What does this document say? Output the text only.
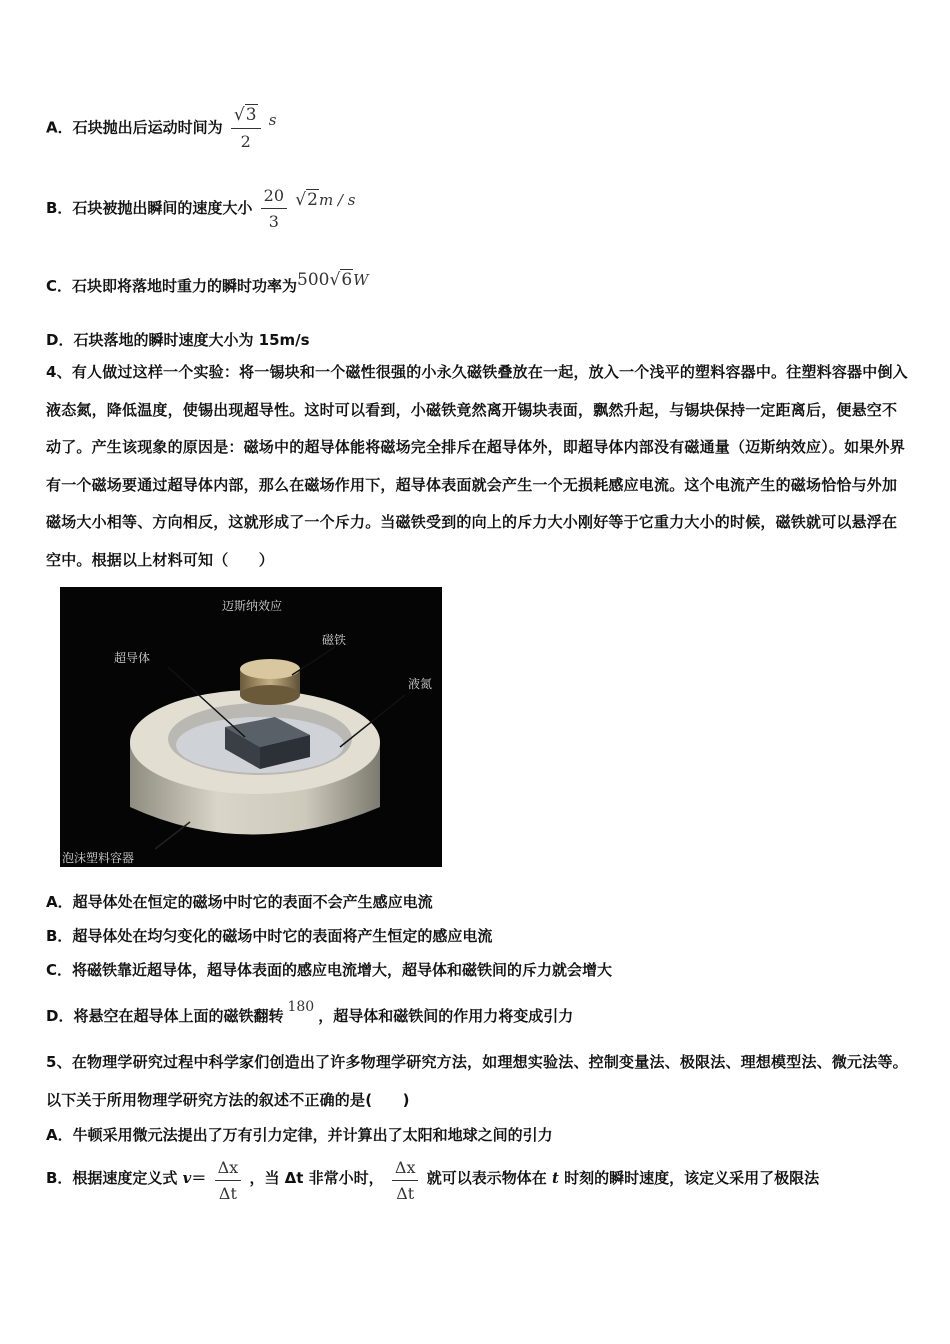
A．石块抛出后运动时间为 $\frac{√3}{2}$ s
B．石块被抛出瞬间的速度大小 $\frac{20}{3} √2m$ / s
C．石块即将落地时重力的瞬时功率为500√6W
D．石块落地的瞬时速度大小为 15m/s
4、有人做过这样一个实验：将一锡块和一个磁性很强的小永久磁铁叠放在一起，放入一个浅平的塑料容器中。往塑料容器中倒入液态氮，降低温度，使锡出现超导性。这时可以看到，小磁铁竟然离开锡块表面，飘然升起，与锡块保持一定距离后，便悬空不动了。产生该现象的原因是：磁场中的超导体能将磁场完全排斥在超导体外，即超导体内部没有磁通量（迈斯纳效应）。如果外界有一个磁场要通过超导体内部，那么在磁场作用下，超导体表面就会产生一个无损耗感应电流。这个电流产生的磁场恰恰与外加磁场大小相等、方向相反，这就形成了一个斥力。当磁铁受到的向上的斥力大小刚好等于它重力大小的时候，磁铁就可以悬浮在空中。根据以上材料可知（　　）
迈斯纳效应
超导体
磁铁
液氮
泡沫塑料容器
A．超导体处在恒定的磁场中时它的表面不会产生感应电流
B．超导体处在均匀变化的磁场中时它的表面将产生恒定的感应电流
C．将磁铁靠近超导体，超导体表面的感应电流增大，超导体和磁铁间的斥力就会增大
D．将悬空在超导体上面的磁铁翻转 180 ，超导体和磁铁间的作用力将变成引力
5、在物理学研究过程中科学家们创造出了许多物理学研究方法，如理想实验法、控制变量法、极限法、理想模型法、微元法等。以下关于所用物理学研究方法的叙述不正确的是(　　)
A．牛顿采用微元法提出了万有引力定律，并计算出了太阳和地球之间的引力
B．根据速度定义式 $v= \frac{\Delta x}{\Delta t}$ ，当 Δt 非常小时， $\frac{\Delta x}{\Delta t}$ 就可以表示物体在 t 时刻的瞬时速度，该定义采用了极限法
